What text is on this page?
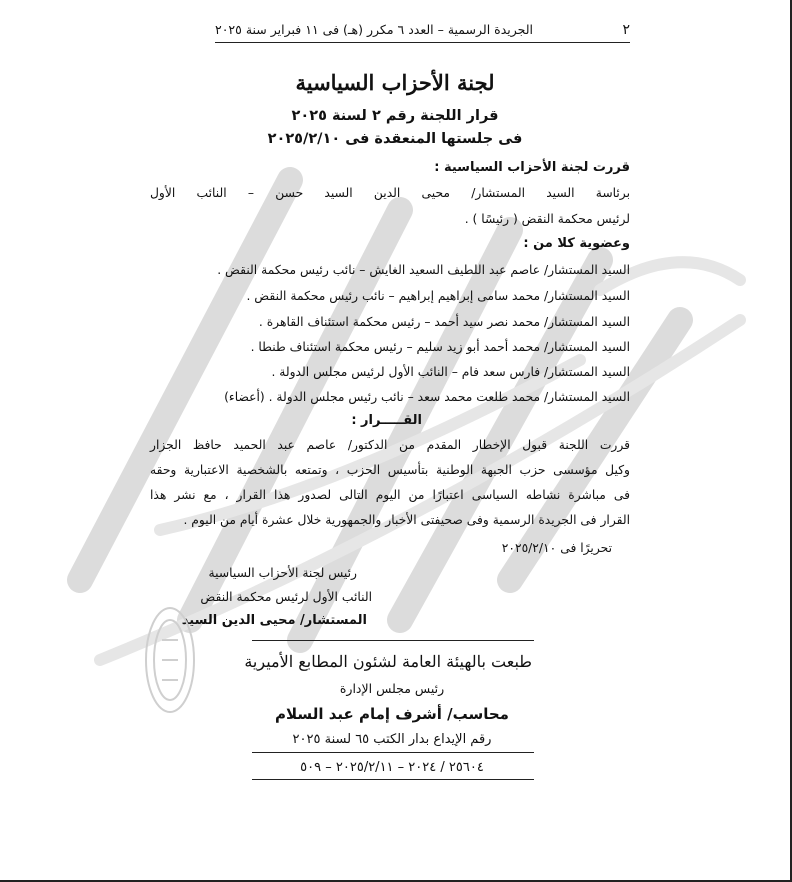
٢
الجريدة الرسمية – العدد ٦ مكرر (هـ) فى ١١ فبراير سنة ٢٠٢٥
لجنة الأحزاب السياسية
قرار اللجنة رقم ٢ لسنة ٢٠٢٥
فى جلستها المنعقدة فى ٢٠٢٥/٢/١٠
قررت لجنة الأحزاب السياسية :
برئاسة السيد المستشار/ محيى الدين السيد حسن – النائب الأول
لرئيس محكمة النقض ( رئيسًا ) .
وعضوية كلا من :
السيد المستشار/ عاصم عبد اللطيف السعيد الغايش – نائب رئيس محكمة النقض .
السيد المستشار/ محمد سامى إبراهيم إبراهيم – نائب رئيس محكمة النقض .
السيد المستشار/ محمد نصر سيد أحمد – رئيس محكمة استئناف القاهرة .
السيد المستشار/ محمد أحمد أبو زيد سليم – رئيس محكمة استئناف طنطا .
السيد المستشار/ فارس سعد فام – النائب الأول لرئيس مجلس الدولة .
السيد المستشار/ محمد طلعت محمد سعد – نائب رئيس مجلس الدولة . (أعضاء)
القـــــرار :
قررت اللجنة قبول الإخطار المقدم من الدكتور/ عاصم عبد الحميد حافظ الجزار
وكيل مؤسسى حزب الجبهة الوطنية بتأسيس الحزب ، وتمتعه بالشخصية الاعتبارية وحقه
فى مباشرة نشاطه السياسى اعتبارًا من اليوم التالى لصدور هذا القرار ، مع نشر هذا
القرار فى الجريدة الرسمية وفى صحيفتى الأخبار والجمهورية خلال عشرة أيام من اليوم .
تحريرًا فى ٢٠٢٥/٢/١٠
رئيس لجنة الأحزاب السياسية
النائب الأول لرئيس محكمة النقض
المستشار/ محيى الدين السيد
طبعت بالهيئة العامة لشئون المطابع الأميرية
رئيس مجلس الإدارة
محاسب/ أشرف إمام عبد السلام
رقم الإيداع بدار الكتب ٦٥ لسنة ٢٠٢٥
٢٥٦٠٤ / ٢٠٢٤ – ٢٠٢٥/٢/١١ – ٥٠٩
